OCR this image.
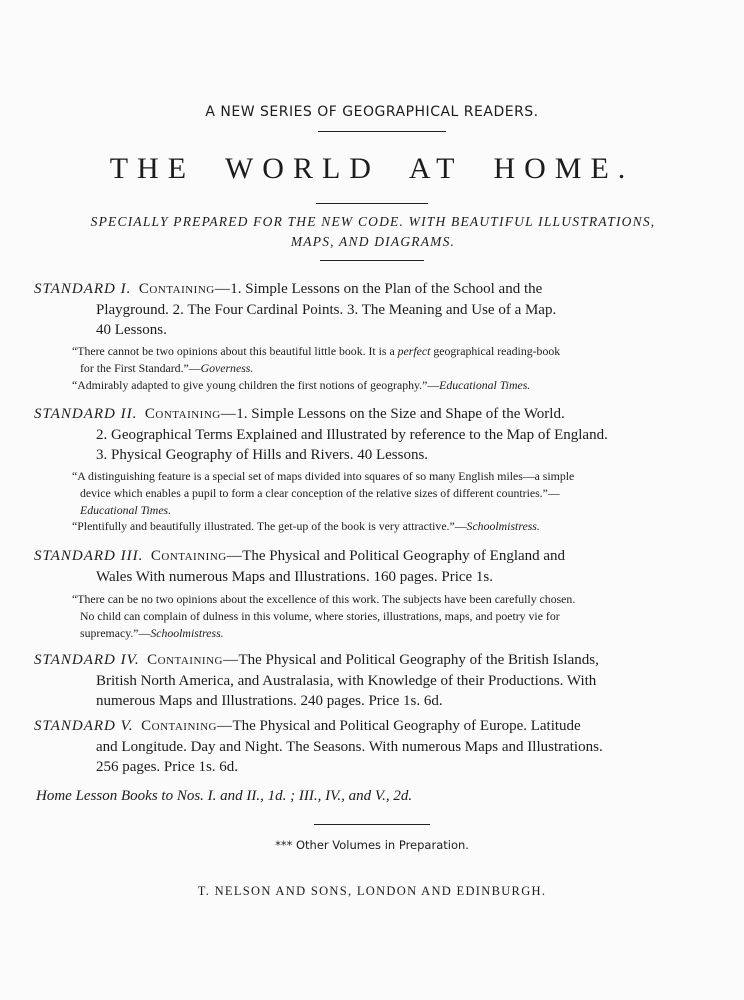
A NEW SERIES OF GEOGRAPHICAL READERS.
THE WORLD AT HOME.
SPECIALLY PREPARED FOR THE NEW CODE. WITH BEAUTIFUL ILLUSTRATIONS,
MAPS, AND DIAGRAMS.
STANDARD I. Containing—1. Simple Lessons on the Plan of the School and the
Playground. 2. The Four Cardinal Points. 3. The Meaning and Use of a Map.
40 Lessons.
“There cannot be two opinions about this beautiful little book. It is a perfect geographical reading-book
for the First Standard.”—Governess.
“Admirably adapted to give young children the first notions of geography.”—Educational Times.
STANDARD II. Containing—1. Simple Lessons on the Size and Shape of the World.
2. Geographical Terms Explained and Illustrated by reference to the Map of England.
3. Physical Geography of Hills and Rivers. 40 Lessons.
“A distinguishing feature is a special set of maps divided into squares of so many English miles—a simple
device which enables a pupil to form a clear conception of the relative sizes of different countries.”—
Educational Times.
“Plentifully and beautifully illustrated. The get-up of the book is very attractive.”—Schoolmistress.
STANDARD III. Containing—The Physical and Political Geography of England and
Wales With numerous Maps and Illustrations. 160 pages. Price 1s.
“There can be no two opinions about the excellence of this work. The subjects have been carefully chosen.
No child can complain of dulness in this volume, where stories, illustrations, maps, and poetry vie for
supremacy.”—Schoolmistress.
STANDARD IV. Containing—The Physical and Political Geography of the British Islands,
British North America, and Australasia, with Knowledge of their Productions. With
numerous Maps and Illustrations. 240 pages. Price 1s. 6d.
STANDARD V. Containing—The Physical and Political Geography of Europe. Latitude
and Longitude. Day and Night. The Seasons. With numerous Maps and Illustrations.
256 pages. Price 1s. 6d.
Home Lesson Books to Nos. I. and II., 1d. ; III., IV., and V., 2d.
*** Other Volumes in Preparation.
T. NELSON AND SONS, LONDON AND EDINBURGH.
